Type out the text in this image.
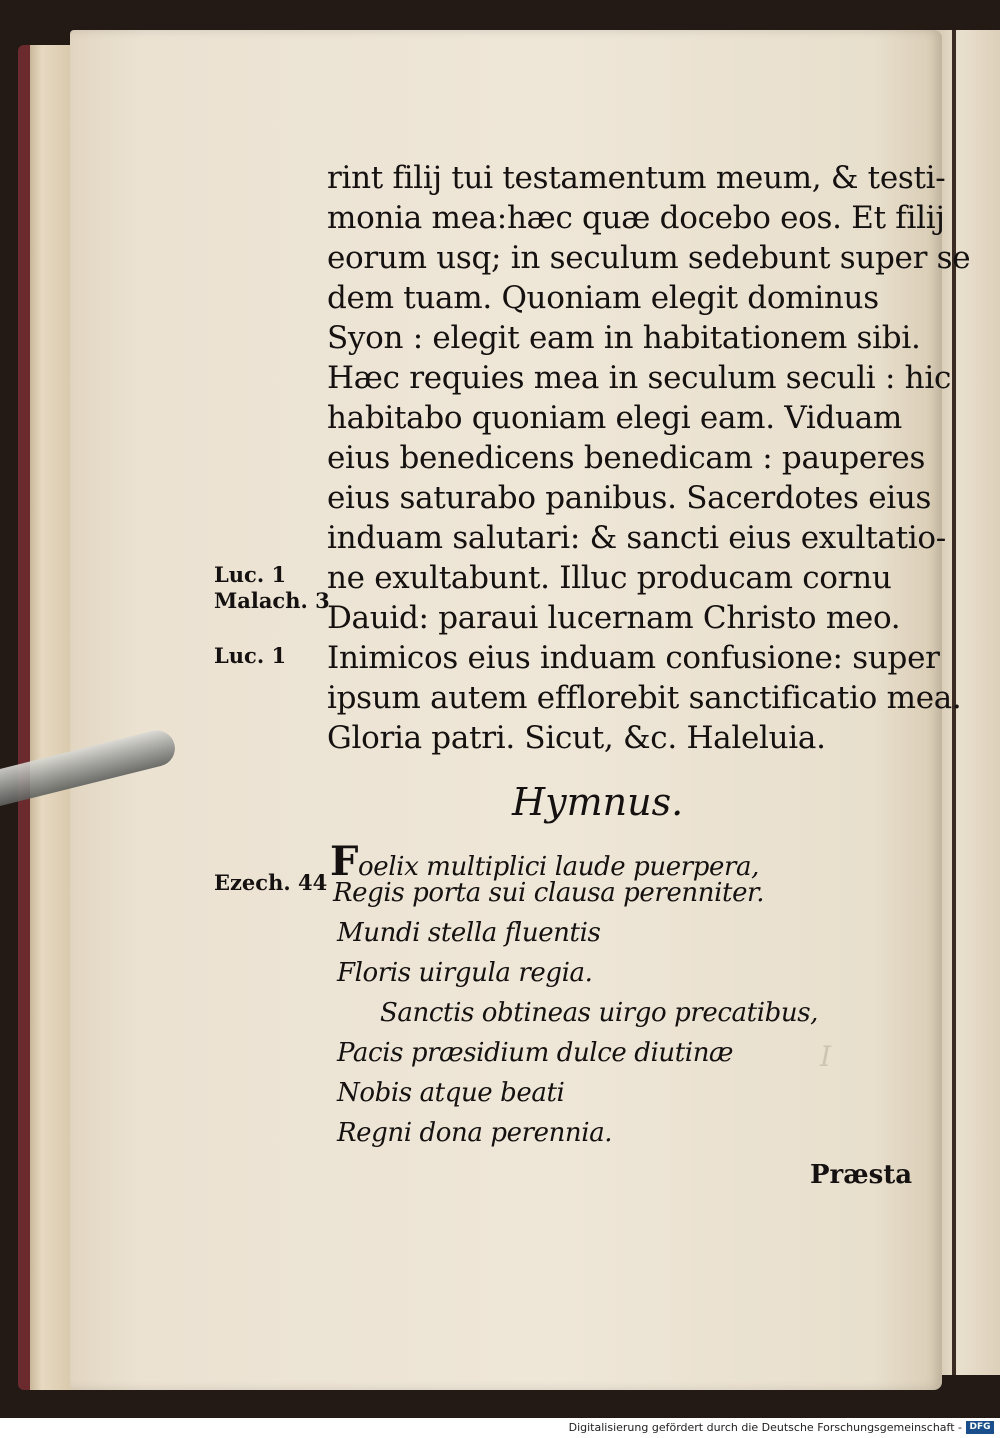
I
rint filij tui testamentum meum, & testi-
monia mea:hæc quæ docebo eos. Et filij
eorum usq; in seculum sedebunt super se
dem tuam. Quoniam elegit dominus
Syon : elegit eam in habitationem sibi.
Hæc requies mea in seculum seculi : hic
habitabo quoniam elegi eam. Viduam
eius benedicens benedicam : pauperes
eius saturabo panibus. Sacerdotes eius
induam salutari: & sancti eius exultatio-
ne exultabunt. Illuc producam cornu
Dauid: paraui lucernam Christo meo.
Inimicos eius induam confusione: super
ipsum autem efflorebit sanctificatio mea.
Gloria patri. Sicut, &c. Haleluia.
Luc. 1
Malach. 3
Luc. 1
Ezech. 44
Hymnus.
Foelix multiplici laude puerpera,
Regis porta sui clausa perenniter.
Mundi stella fluentis
Floris uirgula regia.
Sanctis obtineas uirgo precatibus,
Pacis præsidium dulce diutinæ
Nobis atque beati
Regni dona perennia.
Præsta
Digitalisierung gefördert durch die Deutsche Forschungsgemeinschaft - DFG
